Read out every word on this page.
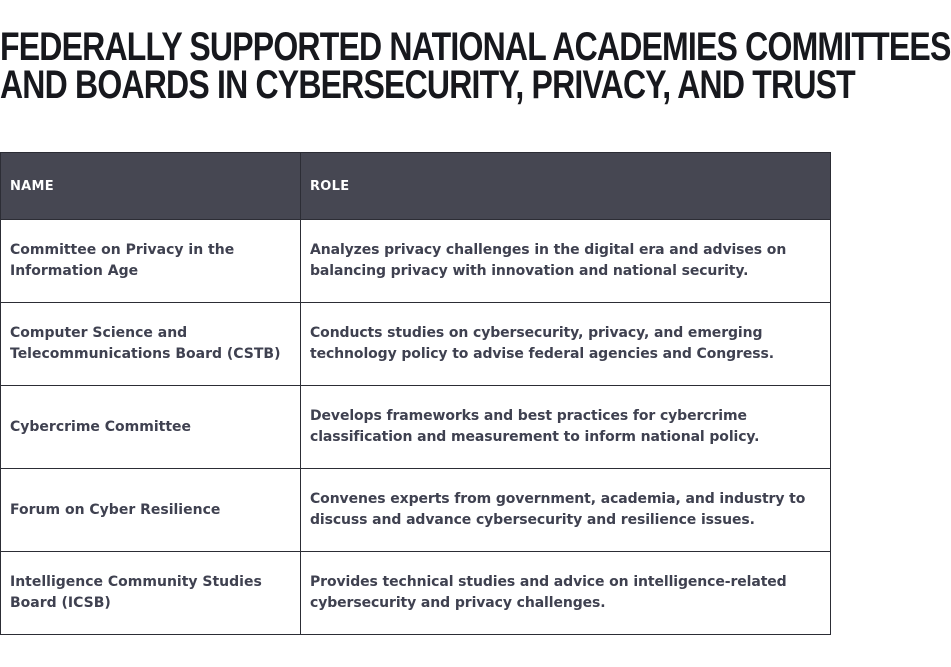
FEDERALLY SUPPORTED NATIONAL ACADEMIES COMMITTEES
AND BOARDS IN CYBERSECURITY, PRIVACY, AND TRUST
NAME	ROLE
Committee on Privacy in the Information Age	Analyzes privacy challenges in the digital era and advises on balancing privacy with innovation and national security.
Computer Science and Telecommunications Board (CSTB)	Conducts studies on cybersecurity, privacy, and emerging technology policy to advise federal agencies and Congress.
Cybercrime Committee	Develops frameworks and best practices for cybercrime classification and measurement to inform national policy.
Forum on Cyber Resilience	Convenes experts from government, academia, and industry to discuss and advance cybersecurity and resilience issues.
Intelligence Community Studies Board (ICSB)	Provides technical studies and advice on intelligence-related cybersecurity and privacy challenges.
